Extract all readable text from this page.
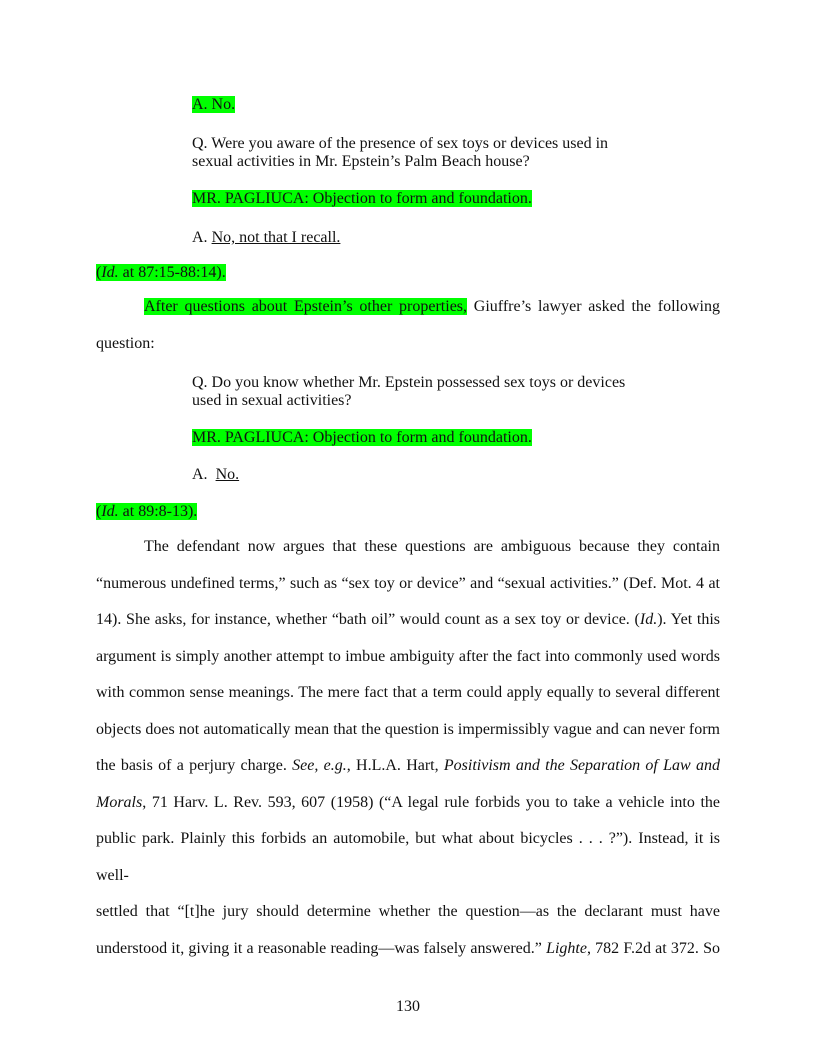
A. No.
Q. Were you aware of the presence of sex toys or devices used in
sexual activities in Mr. Epstein’s Palm Beach house?
MR. PAGLIUCA: Objection to form and foundation.
A. No, not that I recall.
(Id. at 87:15-88:14).
After questions about Epstein’s other properties, Giuffre’s lawyer asked the following
question:
Q. Do you know whether Mr. Epstein possessed sex toys or devices
used in sexual activities?
MR. PAGLIUCA: Objection to form and foundation.
A.  No.
(Id. at 89:8-13).
The defendant now argues that these questions are ambiguous because they contain
“numerous undefined terms,” such as “sex toy or device” and “sexual activities.” (Def. Mot. 4 at
14). She asks, for instance, whether “bath oil” would count as a sex toy or device. (Id.). Yet this
argument is simply another attempt to imbue ambiguity after the fact into commonly used words
with common sense meanings. The mere fact that a term could apply equally to several different
objects does not automatically mean that the question is impermissibly vague and can never form
the basis of a perjury charge. See, e.g., H.L.A. Hart, Positivism and the Separation of Law and
Morals, 71 Harv. L. Rev. 593, 607 (1958) (“A legal rule forbids you to take a vehicle into the
public park. Plainly this forbids an automobile, but what about bicycles . . . ?”). Instead, it is well-
settled that “[t]he jury should determine whether the question—as the declarant must have
understood it, giving it a reasonable reading—was falsely answered.” Lighte, 782 F.2d at 372. So
130
